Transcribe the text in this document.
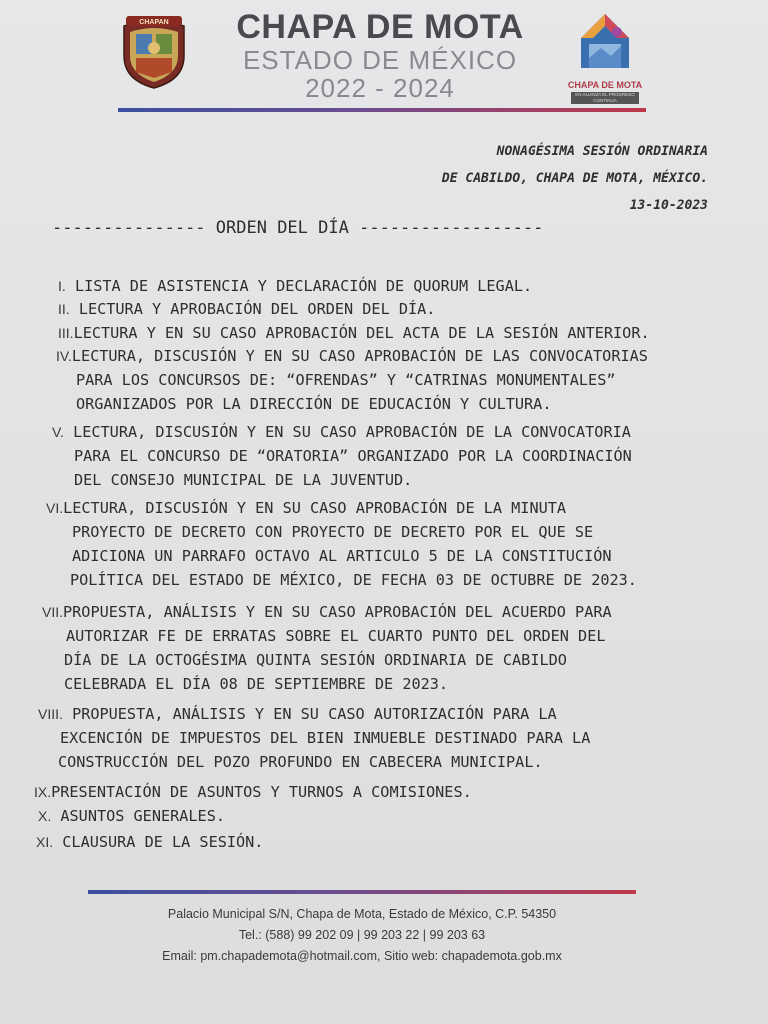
CHAPAN	CHAPA DE MOTA
ESTADO DE MÉXICO
2022 - 2024	CHAPA DE MOTA
EN ALIANZA EL PROGRESO CONTINUA
NONAGÉSIMA SESIÓN ORDINARIA
DE CABILDO, CHAPA DE MOTA, MÉXICO.
13-10-2023
--------------- ORDEN DEL DÍA ------------------
I. LISTA DE ASISTENCIA Y DECLARACIÓN DE QUORUM LEGAL.
II. LECTURA Y APROBACIÓN DEL ORDEN DEL DÍA.
III.LECTURA Y EN SU CASO APROBACIÓN DEL ACTA DE LA SESIÓN ANTERIOR.
IV.LECTURA, DISCUSIÓN Y EN SU CASO APROBACIÓN DE LAS CONVOCATORIAS
PARA LOS CONCURSOS DE: “OFRENDAS” Y “CATRINAS MONUMENTALES”
ORGANIZADOS POR LA DIRECCIÓN DE EDUCACIÓN Y CULTURA.
V. LECTURA, DISCUSIÓN Y EN SU CASO APROBACIÓN DE LA CONVOCATORIA
PARA EL CONCURSO DE “ORATORIA” ORGANIZADO POR LA COORDINACIÓN
DEL CONSEJO MUNICIPAL DE LA JUVENTUD.
VI.LECTURA, DISCUSIÓN Y EN SU CASO APROBACIÓN DE LA MINUTA
PROYECTO DE DECRETO CON PROYECTO DE DECRETO POR EL QUE SE
ADICIONA UN PARRAFO OCTAVO AL ARTICULO 5 DE LA CONSTITUCIÓN
POLÍTICA DEL ESTADO DE MÉXICO, DE FECHA 03 DE OCTUBRE DE 2023.
VII.PROPUESTA, ANÁLISIS Y EN SU CASO APROBACIÓN DEL ACUERDO PARA
AUTORIZAR FE DE ERRATAS SOBRE EL CUARTO PUNTO DEL ORDEN DEL
DÍA DE LA OCTOGÉSIMA QUINTA SESIÓN ORDINARIA DE CABILDO
CELEBRADA EL DÍA 08 DE SEPTIEMBRE DE 2023.
VIII. PROPUESTA, ANÁLISIS Y EN SU CASO AUTORIZACIÓN PARA LA
EXCENCIÓN DE IMPUESTOS DEL BIEN INMUEBLE DESTINADO PARA LA
CONSTRUCCIÓN DEL POZO PROFUNDO EN CABECERA MUNICIPAL.
IX.PRESENTACIÓN DE ASUNTOS Y TURNOS A COMISIONES.
X. ASUNTOS GENERALES.
XI. CLAUSURA DE LA SESIÓN.
Palacio Municipal S/N, Chapa de Mota, Estado de México, C.P. 54350
Tel.: (588) 99 202 09 | 99 203 22 | 99 203 63
Email: pm.chapademota@hotmail.com, Sitio web: chapademota.gob.mx
